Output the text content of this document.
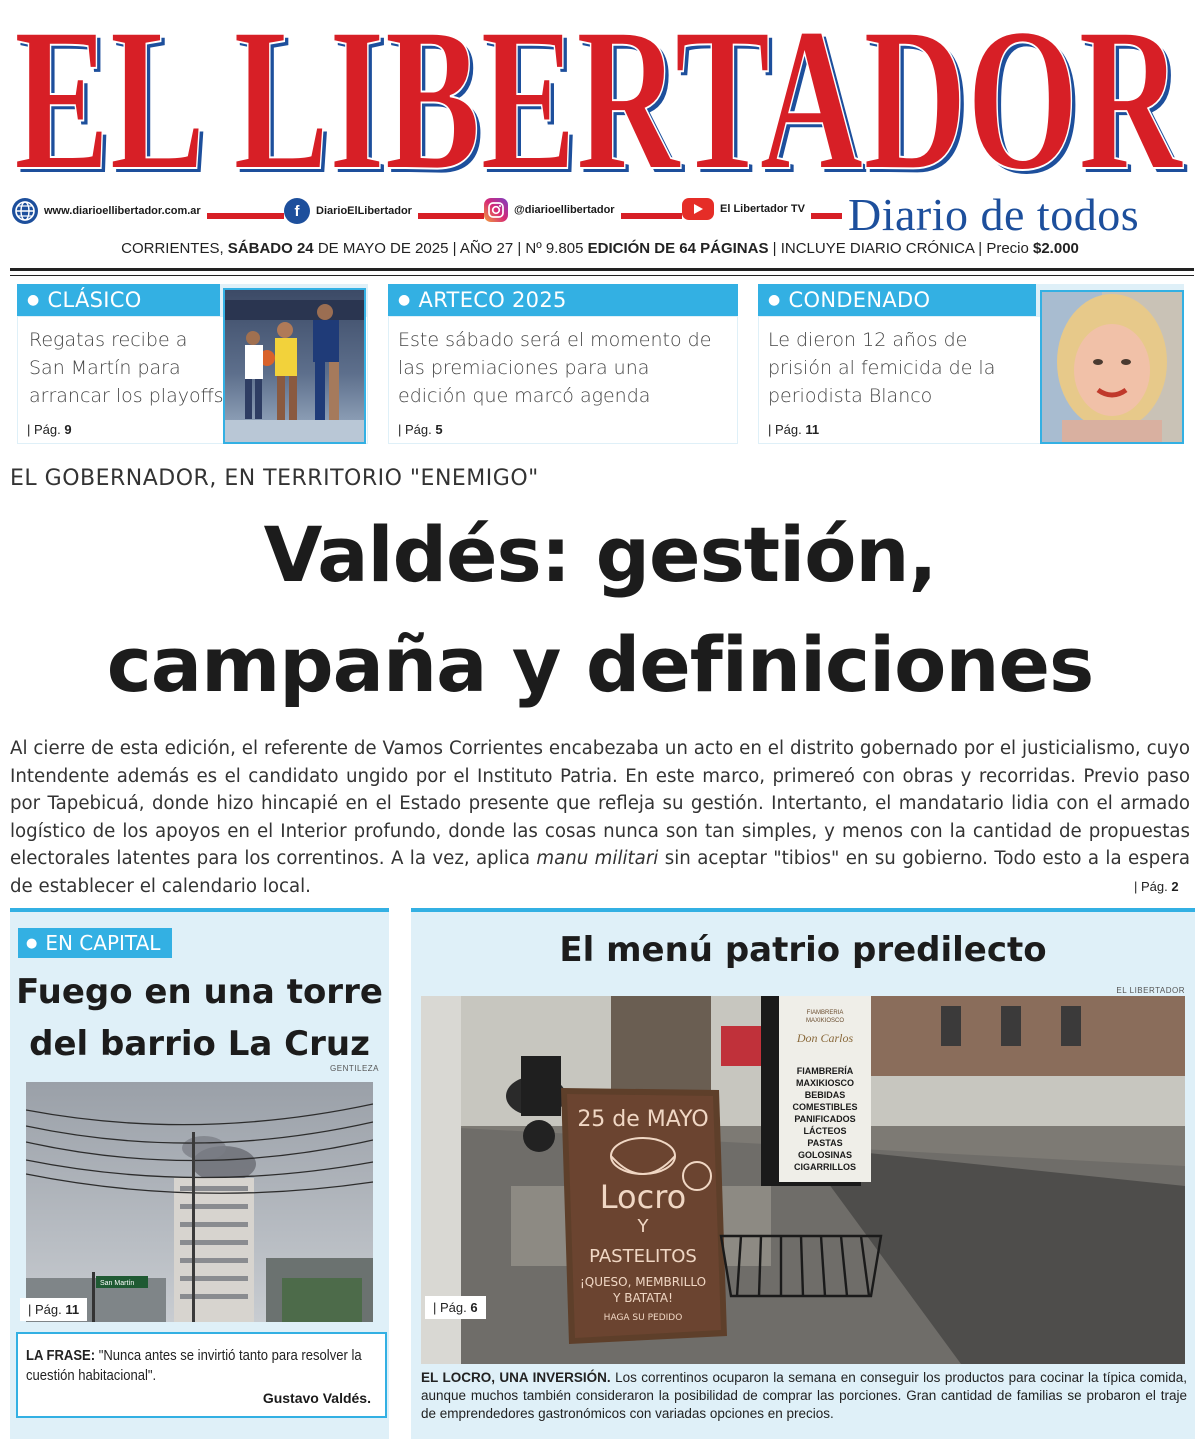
EL LIBERTADOR
EL LIBERTADOR
www.diarioellibertador.com.ar	f	DiarioElLibertador	@diarioellibertador	El Libertador TV Diario de todos
CORRIENTES, SÁBADO 24 DE MAYO DE 2025 | AÑO 27 | Nº 9.805 EDICIÓN DE 64 PÁGINAS | INCLUYE DIARIO CRÓNICA | Precio $2.000
● CLÁSICO
Regatas recibe a
San Martín para
arrancar los playoffs
| Pág. 9
● ARTECO 2025
Este sábado será el momento de
las premiaciones para una
edición que marcó agenda
| Pág. 5
● CONDENADO
Le dieron 12 años de
prisión al femicida de la
periodista Blanco
| Pág. 11
EL GOBERNADOR, EN TERRITORIO "ENEMIGO"
Valdés: gestión,
campaña y definiciones
Al cierre de esta edición, el referente de Vamos Corrientes encabezaba un acto en el distrito gobernado por el justicialismo, cuyo Intendente además es el candidato ungido por el Instituto Patria. En este marco, primereó con obras y recorridas. Previo paso por Tapebicuá, donde hizo hincapié en el Estado presente que refleja su gestión. Intertanto, el mandatario lidia con el armado logístico de los apoyos en el Interior profundo, donde las cosas nunca son tan simples, y menos con la cantidad de propuestas electorales latentes para los correntinos. A la vez, aplica manu militari sin aceptar "tibios" en su gobierno. Todo esto a la espera de establecer el calendario local.	| Pág. 2
● EN CAPITAL
Fuego en una torre
del barrio La Cruz
GENTILEZA
San Martín
| Pág. 11
LA FRASE: "Nunca antes se invirtió tanto para resolver la cuestión habitacional".
Gustavo Valdés.
El menú patrio predilecto
EL LIBERTADOR
FIAMBRERIA
MAXIKIOSCO
Don Carlos
FIAMBRERÍA
MAXIKIOSCO
BEBIDAS
COMESTIBLES
PANIFICADOS
LÁCTEOS
PASTAS
GOLOSINAS
CIGARRILLOS
25 de MAYO
Locro
Y
PASTELITOS
¡QUESO, MEMBRILLO
Y BATATA!
HAGA SU PEDIDO
| Pág. 6
EL LOCRO, UNA INVERSIÓN. Los correntinos ocuparon la semana en conseguir los productos para cocinar la típica comida, aunque muchos también consideraron la posibilidad de comprar las porciones. Gran cantidad de familias se probaron el traje de emprendedores gastronómicos con variadas opciones en precios.
